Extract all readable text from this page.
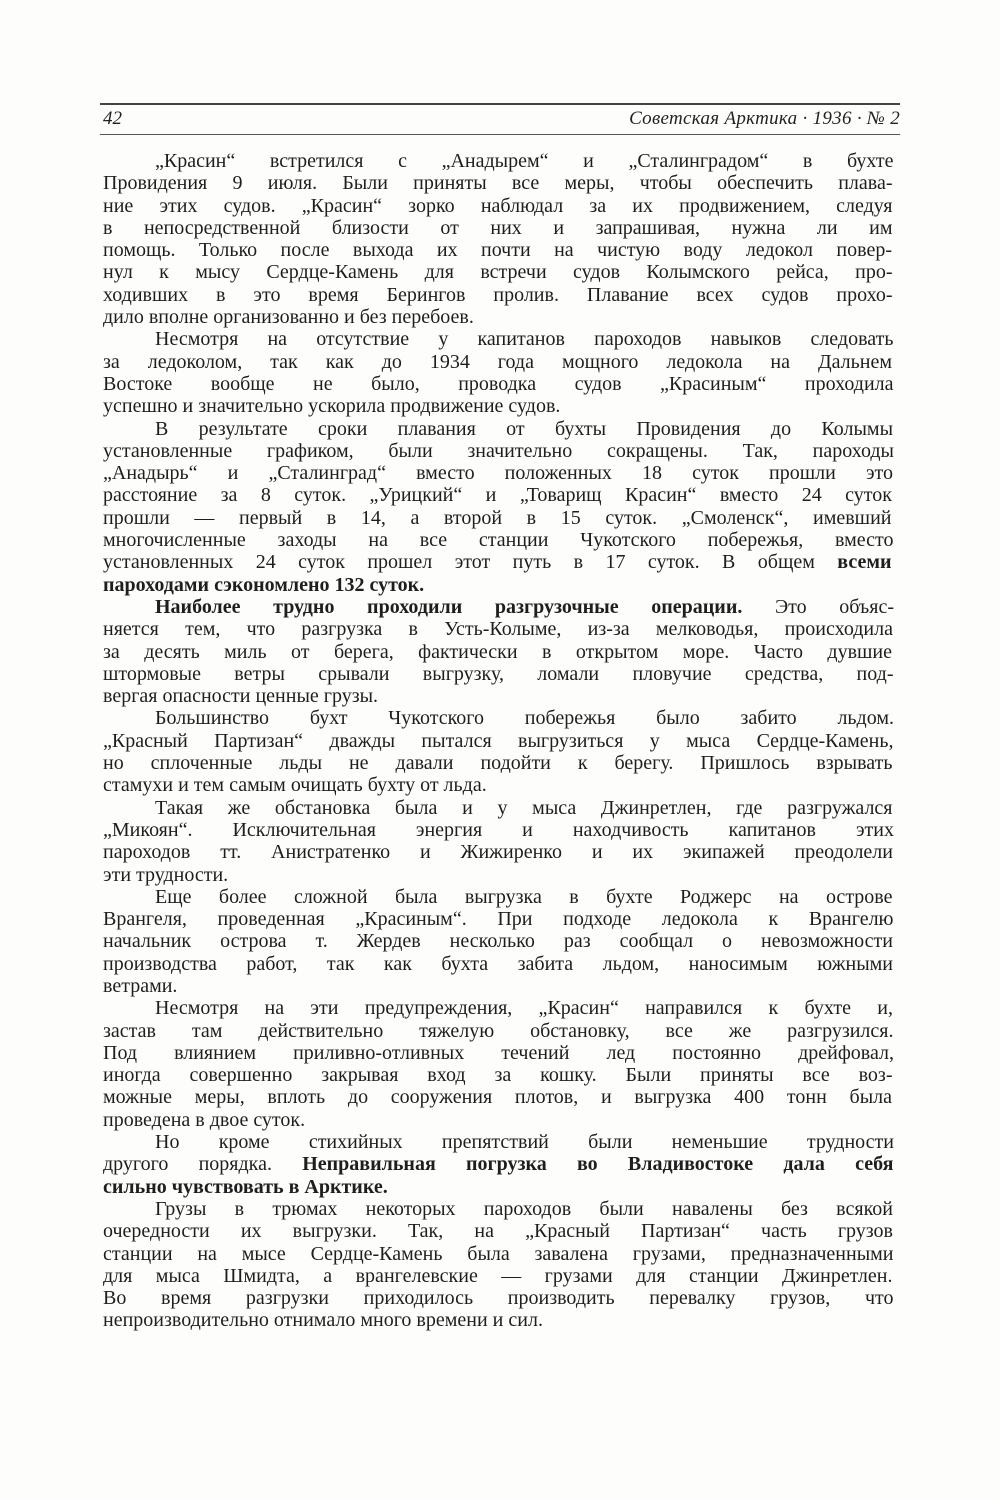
42	Советская Арктика · 1936 · № 2
„Красин“ встретился с „Анадырем“ и „Сталинградом“ в бухте
Провидения 9 июля. Были приняты все меры, чтобы обеспечить плава-
ние этих судов. „Красин“ зорко наблюдал за их продвижением, следуя
в непосредственной близости от них и запрашивая, нужна ли им
помощь. Только после выхода их почти на чистую воду ледокол повер-
нул к мысу Сердце-Камень для встречи судов Колымского рейса, про-
ходивших в это время Берингов пролив. Плавание всех судов прохо-
дило вполне организованно и без перебоев.
Несмотря на отсутствие у капитанов пароходов навыков следовать
за ледоколом, так как до 1934 года мощного ледокола на Дальнем
Востоке вообще не было, проводка судов „Красиным“ проходила
успешно и значительно ускорила продвижение судов.
В результате сроки плавания от бухты Провидения до Колымы
установленные графиком, были значительно сокращены. Так, пароходы
„Анадырь“ и „Сталинград“ вместо положенных 18 суток прошли это
расстояние за 8 суток. „Урицкий“ и „Товарищ Красин“ вместо 24 суток
прошли — первый в 14, а второй в 15 суток. „Смоленск“, имевший
многочисленные заходы на все станции Чукотского побережья, вместо
установленных 24 суток прошел этот путь в 17 суток. В общем всеми
пароходами сэкономлено 132 суток.
Наиболее трудно проходили разгрузочные операции. Это объяс-
няется тем, что разгрузка в Усть-Колыме, из-за мелководья, происходила
за десять миль от берега, фактически в открытом море. Часто дувшие
штормовые ветры срывали выгрузку, ломали пловучие средства, под-
вергая опасности ценные грузы.
Большинство бухт Чукотского побережья было забито льдом.
„Красный Партизан“ дважды пытался выгрузиться у мыса Сердце-Камень,
но сплоченные льды не давали подойти к берегу. Пришлось взрывать
стамухи и тем самым очищать бухту от льда.
Такая же обстановка была и у мыса Джинретлен, где разгружался
„Микоян“. Исключительная энергия и находчивость капитанов этих
пароходов тт. Анистратенко и Жижиренко и их экипажей преодолели
эти трудности.
Еще более сложной была выгрузка в бухте Роджерс на острове
Врангеля, проведенная „Красиным“. При подходе ледокола к Врангелю
начальник острова т. Жердев несколько раз сообщал о невозможности
производства работ, так как бухта забита льдом, наносимым южными
ветрами.
Несмотря на эти предупреждения, „Красин“ направился к бухте и,
застав там действительно тяжелую обстановку, все же разгрузился.
Под влиянием приливно-отливных течений лед постоянно дрейфовал,
иногда совершенно закрывая вход за кошку. Были приняты все воз-
можные меры, вплоть до сооружения плотов, и выгрузка 400 тонн была
проведена в двое суток.
Но кроме стихийных препятствий были неменьшие трудности
другого порядка. Неправильная погрузка во Владивостоке дала себя
сильно чувствовать в Арктике.
Грузы в трюмах некоторых пароходов были навалены без всякой
очередности их выгрузки. Так, на „Красный Партизан“ часть грузов
станции на мысе Сердце-Камень была завалена грузами, предназначенными
для мыса Шмидта, а врангелевские — грузами для станции Джинретлен.
Во время разгрузки приходилось производить перевалку грузов, что
непроизводительно отнимало много времени и сил.
